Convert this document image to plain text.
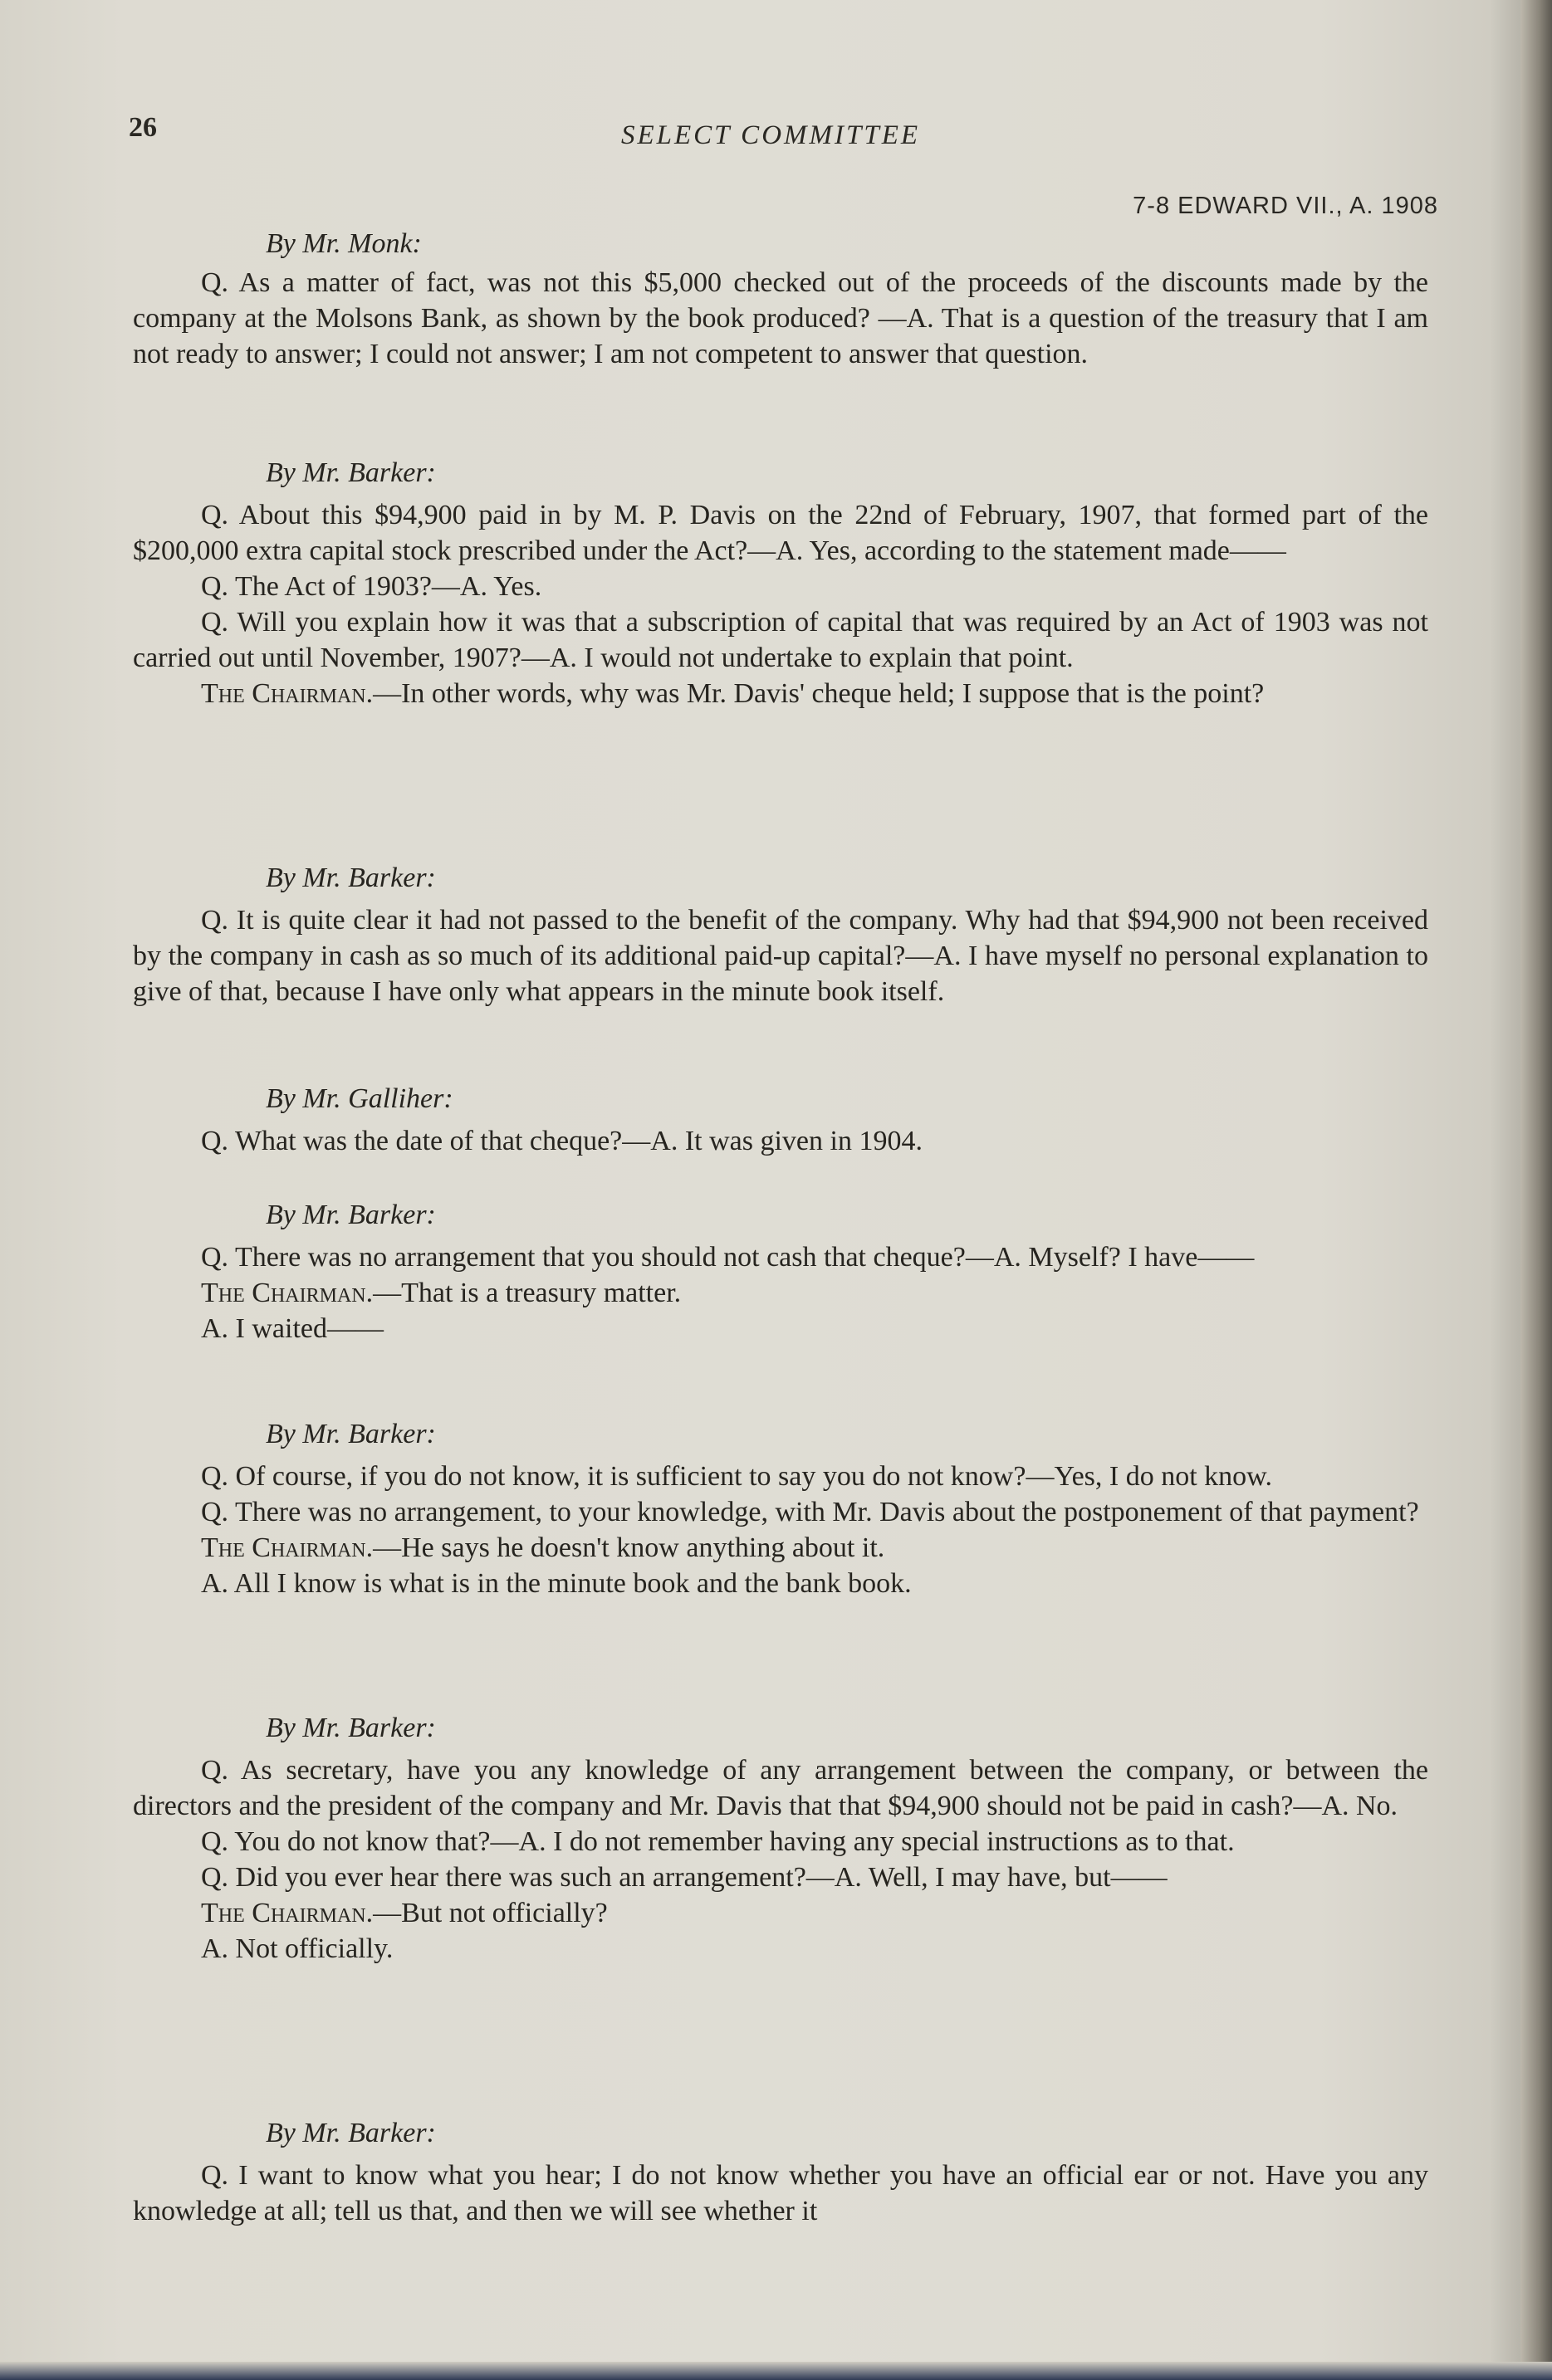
26	SELECT COMMITTEE
7-8 EDWARD VII., A. 1908
By Mr. Monk:

Q. As a matter of fact, was not this $5,000 checked out of the proceeds of the discounts made by the company at the Molsons Bank, as shown by the book produced? —A. That is a question of the treasury that I am not ready to answer; I could not answer; I am not competent to answer that question.

By Mr. Barker:

Q. About this $94,900 paid in by M. P. Davis on the 22nd of February, 1907, that formed part of the $200,000 extra capital stock prescribed under the Act?—A. Yes, according to the statement made——

Q. The Act of 1903?—A. Yes.

Q. Will you explain how it was that a subscription of capital that was required by an Act of 1903 was not carried out until November, 1907?—A. I would not undertake to explain that point.

The Chairman.—In other words, why was Mr. Davis' cheque held; I suppose that is the point?

By Mr. Barker:

Q. It is quite clear it had not passed to the benefit of the company. Why had that $94,900 not been received by the company in cash as so much of its additional paid-up capital?—A. I have myself no personal explanation to give of that, because I have only what appears in the minute book itself.

By Mr. Galliher:

Q. What was the date of that cheque?—A. It was given in 1904.

By Mr. Barker:

Q. There was no arrangement that you should not cash that cheque?—A. Myself? I have——

The Chairman.—That is a treasury matter.

A. I waited——

By Mr. Barker:

Q. Of course, if you do not know, it is sufficient to say you do not know?—Yes, I do not know.

Q. There was no arrangement, to your knowledge, with Mr. Davis about the postponement of that payment?

The Chairman.—He says he doesn't know anything about it.

A. All I know is what is in the minute book and the bank book.

By Mr. Barker:

Q. As secretary, have you any knowledge of any arrangement between the company, or between the directors and the president of the company and Mr. Davis that that $94,900 should not be paid in cash?—A. No.

Q. You do not know that?—A. I do not remember having any special instructions as to that.

Q. Did you ever hear there was such an arrangement?—A. Well, I may have, but——

The Chairman.—But not officially?

A. Not officially.

By Mr. Barker:

Q. I want to know what you hear; I do not know whether you have an official ear or not. Have you any knowledge at all; tell us that, and then we will see whether it
